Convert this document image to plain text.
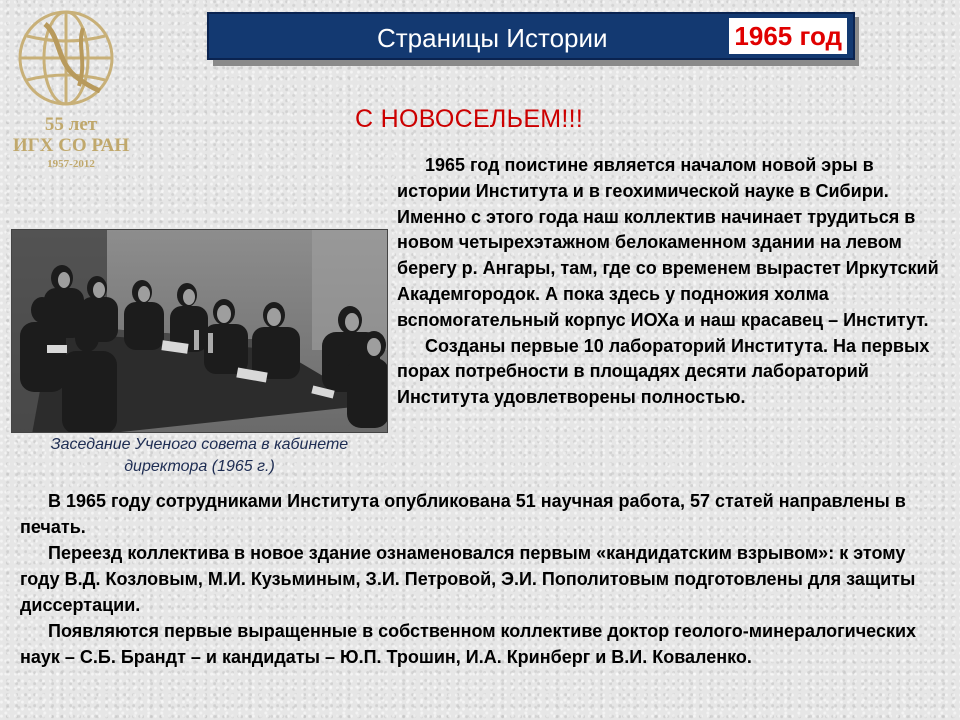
55 лет
ИГХ СО РАН
1957-2012
Страницы Истории	1965 год
С НОВОСЕЛЬЕМ!!!
Заседание Ученого совета в кабинете
директора (1965 г.)

1965 год поистине является началом новой эры в истории Института и в геохимической науке в Сибири. Именно с этого года наш коллектив начинает трудиться в новом четырехэтажном белокаменном здании на левом берегу р. Ангары, там, где со временем вырастет Иркутский Академгородок. А пока здесь у подножия холма вспомогательный корпус ИОХа и наш красавец – Институт.

Созданы первые 10 лабораторий Института. На первых порах потребности в площадях десяти лабораторий Института удовлетворены полностью.

В 1965 году сотрудниками Института опубликована 51 научная работа, 57 статей направлены в печать.

Переезд коллектива в новое здание ознаменовался первым «кандидатским взрывом»: к этому году В.Д. Козловым, М.И. Кузьминым, З.И. Петровой, Э.И. Пополитовым подготовлены для защиты диссертации.

Появляются первые выращенные в собственном коллективе доктор геолого-минералогических наук – С.Б. Брандт – и кандидаты – Ю.П. Трошин, И.А. Кринберг и В.И. Коваленко.
